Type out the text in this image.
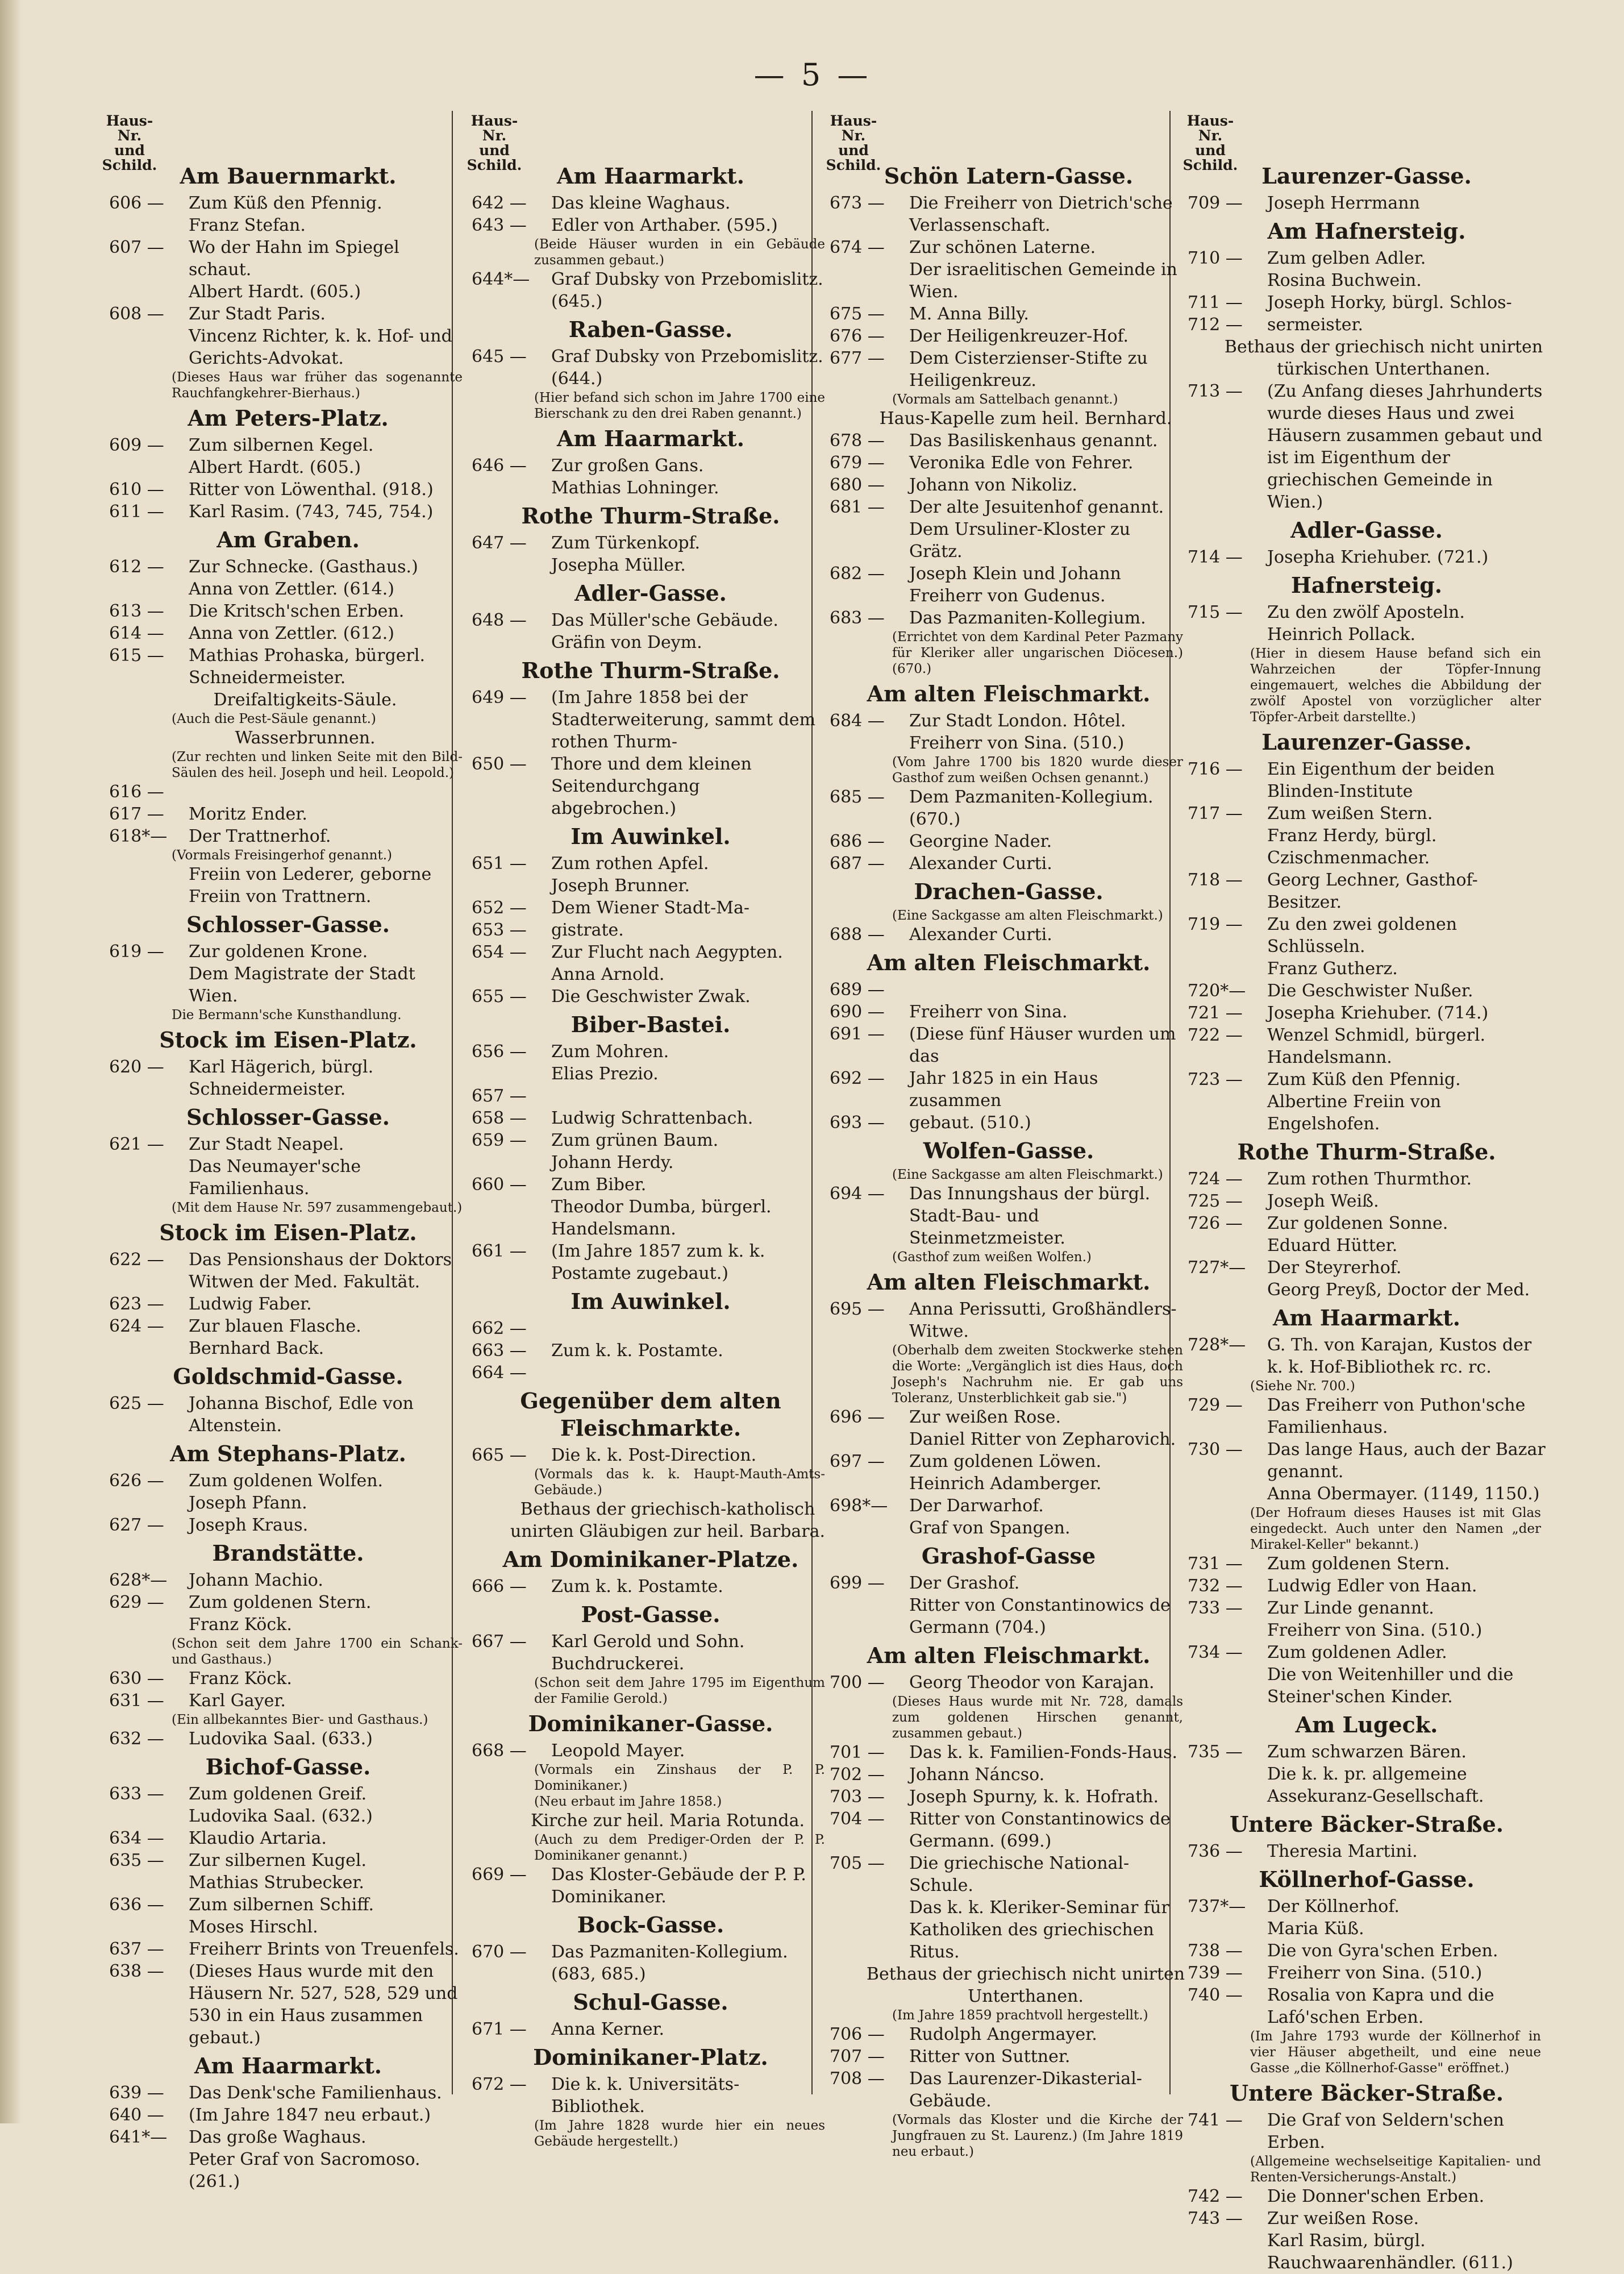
— 5 —
Haus-Nr. und Schild.
Haus-Nr. und Schild.
Haus-Nr. und Schild.
Haus-Nr. und Schild.
Am Bauernmarkt.
606 —	Zum Küß den Pfennig.
Franz Stefan.
607 —	Wo der Hahn im Spiegel schaut.
Albert Hardt. (605.)
608 —	Zur Stadt Paris.
Vincenz Richter, k. k. Hof- und Gerichts-Advokat.
(Dieses Haus war früher das sogenannte Rauchfangkehrer-Bierhaus.)
Am Peters-Platz.
609 —	Zum silbernen Kegel.
Albert Hardt. (605.)
610 —	Ritter von Löwenthal. (918.)
611 —	Karl Rasim. (743, 745, 754.)
Am Graben.
612 —	Zur Schnecke. (Gasthaus.)
Anna von Zettler. (614.)
613 —	Die Kritsch'schen Erben.
614 —	Anna von Zettler. (612.)
615 —	Mathias Prohaska, bürgerl. Schneidermeister.
Dreifaltigkeits-Säule.
(Auch die Pest-Säule genannt.)
Wasserbrunnen.
(Zur rechten und linken Seite mit den Bild-Säulen des heil. Joseph und heil. Leopold.)
616 —
617 —	Moritz Ender.
618*—	Der Trattnerhof.
(Vormals Freisingerhof genannt.)
Freiin von Lederer, geborne Freiin von Trattnern.
Schlosser-Gasse.
619 —	Zur goldenen Krone.
Dem Magistrate der Stadt Wien.
Die Bermann'sche Kunsthandlung.
Stock im Eisen-Platz.
620 —	Karl Hägerich, bürgl. Schneidermeister.
Schlosser-Gasse.
621 —	Zur Stadt Neapel.
Das Neumayer'sche Familienhaus.
(Mit dem Hause Nr. 597 zusammengebaut.)
Stock im Eisen-Platz.
622 —	Das Pensionshaus der Doktors Witwen der Med. Fakultät.
623 —	Ludwig Faber.
624 —	Zur blauen Flasche.
Bernhard Back.
Goldschmid-Gasse.
625 —	Johanna Bischof, Edle von Altenstein.
Am Stephans-Platz.
626 —	Zum goldenen Wolfen.
Joseph Pfann.
627 —	Joseph Kraus.
Brandstätte.
628*—	Johann Machio.
629 —	Zum goldenen Stern.
Franz Köck.
(Schon seit dem Jahre 1700 ein Schank- und Gasthaus.)
630 —	Franz Köck.
631 —	Karl Gayer.
(Ein allbekanntes Bier- und Gasthaus.)
632 —	Ludovika Saal. (633.)
Bichof-Gasse.
633 —	Zum goldenen Greif.
Ludovika Saal. (632.)
634 —	Klaudio Artaria.
635 —	Zur silbernen Kugel.
Mathias Strubecker.
636 —	Zum silbernen Schiff.
Moses Hirschl.
637 —	Freiherr Brints von Treuenfels.
638 —	(Dieses Haus wurde mit den Häusern Nr. 527, 528, 529 und 530 in ein Haus zusammen gebaut.)
Am Haarmarkt.
639 —	Das Denk'sche Familienhaus.
640 —	(Im Jahre 1847 neu erbaut.)
641*—	Das große Waghaus.
Peter Graf von Sacromoso. (261.)
Am Haarmarkt.
642 —	Das kleine Waghaus.
643 —	Edler von Arthaber. (595.)
(Beide Häuser wurden in ein Gebäude zusammen gebaut.)
644*—	Graf Dubsky von Przebomislitz. (645.)
Raben-Gasse.
645 —	Graf Dubsky von Przebomislitz. (644.)
(Hier befand sich schon im Jahre 1700 eine Bierschank zu den drei Raben genannt.)
Am Haarmarkt.
646 —	Zur großen Gans.
Mathias Lohninger.
Rothe Thurm-Straße.
647 —	Zum Türkenkopf.
Josepha Müller.
Adler-Gasse.
648 —	Das Müller'sche Gebäude.
Gräfin von Deym.
Rothe Thurm-Straße.
649 —	(Im Jahre 1858 bei der Stadterweiterung, sammt dem rothen Thurm-
650 —	Thore und dem kleinen Seitendurchgang abgebrochen.)
Im Auwinkel.
651 —	Zum rothen Apfel.
Joseph Brunner.
652 —	Dem Wiener Stadt-Ma-
653 —	gistrate.
654 —	Zur Flucht nach Aegypten.
Anna Arnold.
655 —	Die Geschwister Zwak.
Biber-Bastei.
656 —	Zum Mohren.
Elias Prezio.
657 —
658 —	Ludwig Schrattenbach.
659 —	Zum grünen Baum.
Johann Herdy.
660 —	Zum Biber.
Theodor Dumba, bürgerl. Handelsmann.
661 —	(Im Jahre 1857 zum k. k. Postamte zugebaut.)
Im Auwinkel.
662 —
663 —	Zum k. k. Postamte.
664 —
Gegenüber dem alten Fleischmarkte.
665 —	Die k. k. Post-Direction.
(Vormals das k. k. Haupt-Mauth-Amts-Gebäude.)
Bethaus der griechisch-katholisch unirten Gläubigen zur heil. Barbara.
Am Dominikaner-Platze.
666 —	Zum k. k. Postamte.
Post-Gasse.
667 —	Karl Gerold und Sohn.
Buchdruckerei.
(Schon seit dem Jahre 1795 im Eigenthum der Familie Gerold.)
Dominikaner-Gasse.
668 —	Leopold Mayer.
(Vormals ein Zinshaus der P. P. Dominikaner.)
(Neu erbaut im Jahre 1858.)
Kirche zur heil. Maria Rotunda.
(Auch zu dem Prediger-Orden der P. P. Dominikaner genannt.)
669 —	Das Kloster-Gebäude der P. P. Dominikaner.
Bock-Gasse.
670 —	Das Pazmaniten-Kollegium. (683, 685.)
Schul-Gasse.
671 —	Anna Kerner.
Dominikaner-Platz.
672 —	Die k. k. Universitäts-Bibliothek.
(Im Jahre 1828 wurde hier ein neues Gebäude hergestellt.)
Schön Latern-Gasse.
673 —	Die Freiherr von Dietrich'sche Verlassenschaft.
674 —	Zur schönen Laterne.
Der israelitischen Gemeinde in Wien.
675 —	M. Anna Billy.
676 —	Der Heiligenkreuzer-Hof.
677 —	Dem Cisterzienser-Stifte zu Heiligenkreuz.
(Vormals am Sattelbach genannt.)
Haus-Kapelle zum heil. Bernhard.
678 —	Das Basiliskenhaus genannt.
679 —	Veronika Edle von Fehrer.
680 —	Johann von Nikoliz.
681 —	Der alte Jesuitenhof genannt.
Dem Ursuliner-Kloster zu Grätz.
682 —	Joseph Klein und Johann Freiherr von Gudenus.
683 —	Das Pazmaniten-Kollegium.
(Errichtet von dem Kardinal Peter Pazmany für Kleriker aller ungarischen Diöcesen.) (670.)
Am alten Fleischmarkt.
684 —	Zur Stadt London. Hôtel.
Freiherr von Sina. (510.)
(Vom Jahre 1700 bis 1820 wurde dieser Gasthof zum weißen Ochsen genannt.)
685 —	Dem Pazmaniten-Kollegium. (670.)
686 —	Georgine Nader.
687 —	Alexander Curti.
Drachen-Gasse.
(Eine Sackgasse am alten Fleischmarkt.)
688 —	Alexander Curti.
Am alten Fleischmarkt.
689 —
690 —	Freiherr von Sina.
691 —	(Diese fünf Häuser wurden um das
692 —	Jahr 1825 in ein Haus zusammen
693 —	gebaut. (510.)
Wolfen-Gasse.
(Eine Sackgasse am alten Fleischmarkt.)
694 —	Das Innungshaus der bürgl. Stadt-Bau- und Steinmetzmeister.
(Gasthof zum weißen Wolfen.)
Am alten Fleischmarkt.
695 —	Anna Perissutti, Großhändlers-Witwe.
(Oberhalb dem zweiten Stockwerke stehen die Worte: „Vergänglich ist dies Haus, doch Joseph's Nachruhm nie. Er gab uns Toleranz, Unsterblichkeit gab sie.")
696 —	Zur weißen Rose.
Daniel Ritter von Zepharovich.
697 —	Zum goldenen Löwen.
Heinrich Adamberger.
698*—	Der Darwarhof.
Graf von Spangen.
Grashof-Gasse
699 —	Der Grashof.
Ritter von Constantinowics de Germann (704.)
Am alten Fleischmarkt.
700 —	Georg Theodor von Karajan.
(Dieses Haus wurde mit Nr. 728, damals zum goldenen Hirschen genannt, zusammen gebaut.)
701 —	Das k. k. Familien-Fonds-Haus.
702 —	Johann Náncso.
703 —	Joseph Spurny, k. k. Hofrath.
704 —	Ritter von Constantinowics de Germann. (699.)
705 —	Die griechische National-Schule.
Das k. k. Kleriker-Seminar für Katholiken des griechischen Ritus.
Bethaus der griechisch nicht unirten Unterthanen.
(Im Jahre 1859 prachtvoll hergestellt.)
706 —	Rudolph Angermayer.
707 —	Ritter von Suttner.
708 —	Das Laurenzer-Dikasterial-Gebäude.
(Vormals das Kloster und die Kirche der Jungfrauen zu St. Laurenz.) (Im Jahre 1819 neu erbaut.)
Laurenzer-Gasse.
709 —	Joseph Herrmann
Am Hafnersteig.
710 —	Zum gelben Adler.
Rosina Buchwein.
711 —	Joseph Horky, bürgl. Schlos-
712 —	sermeister.
Bethaus der griechisch nicht unirten türkischen Unterthanen.
713 —	(Zu Anfang dieses Jahrhunderts wurde dieses Haus und zwei Häusern zusammen gebaut und ist im Eigenthum der griechischen Gemeinde in Wien.)
Adler-Gasse.
714 —	Josepha Kriehuber. (721.)
Hafnersteig.
715 —	Zu den zwölf Aposteln.
Heinrich Pollack.
(Hier in diesem Hause befand sich ein Wahrzeichen der Töpfer-Innung eingemauert, welches die Abbildung der zwölf Apostel von vorzüglicher alter Töpfer-Arbeit darstellte.)
Laurenzer-Gasse.
716 —	Ein Eigenthum der beiden Blinden-Institute
717 —	Zum weißen Stern.
Franz Herdy, bürgl. Czischmenmacher.
718 —	Georg Lechner, Gasthof-Besitzer.
719 —	Zu den zwei goldenen Schlüsseln.
Franz Gutherz.
720*—	Die Geschwister Nußer.
721 —	Josepha Kriehuber. (714.)
722 —	Wenzel Schmidl, bürgerl. Handelsmann.
723 —	Zum Küß den Pfennig.
Albertine Freiin von Engelshofen.
Rothe Thurm-Straße.
724 —	Zum rothen Thurmthor.
725 —	Joseph Weiß.
726 —	Zur goldenen Sonne.
Eduard Hütter.
727*—	Der Steyrerhof.
Georg Preyß, Doctor der Med.
Am Haarmarkt.
728*—	G. Th. von Karajan, Kustos der k. k. Hof-Bibliothek rc. rc.
(Siehe Nr. 700.)
729 —	Das Freiherr von Puthon'sche Familienhaus.
730 —	Das lange Haus, auch der Bazar genannt.
Anna Obermayer. (1149, 1150.)
(Der Hofraum dieses Hauses ist mit Glas eingedeckt. Auch unter den Namen „der Mirakel-Keller" bekannt.)
731 —	Zum goldenen Stern.
732 —	Ludwig Edler von Haan.
733 —	Zur Linde genannt.
Freiherr von Sina. (510.)
734 —	Zum goldenen Adler.
Die von Weitenhiller und die Steiner'schen Kinder.
Am Lugeck.
735 —	Zum schwarzen Bären.
Die k. k. pr. allgemeine Assekuranz-Gesellschaft.
Untere Bäcker-Straße.
736 —	Theresia Martini.
Köllnerhof-Gasse.
737*—	Der Köllnerhof.
Maria Küß.
738 —	Die von Gyra'schen Erben.
739 —	Freiherr von Sina. (510.)
740 —	Rosalia von Kapra und die Lafó'schen Erben.
(Im Jahre 1793 wurde der Köllnerhof in vier Häuser abgetheilt, und eine neue Gasse „die Köllnerhof-Gasse" eröffnet.)
Untere Bäcker-Straße.
741 —	Die Graf von Seldern'schen Erben.
(Allgemeine wechselseitige Kapitalien- und Renten-Versicherungs-Anstalt.)
742 —	Die Donner'schen Erben.
743 —	Zur weißen Rose.
Karl Rasim, bürgl. Rauchwaarenhändler. (611.)
